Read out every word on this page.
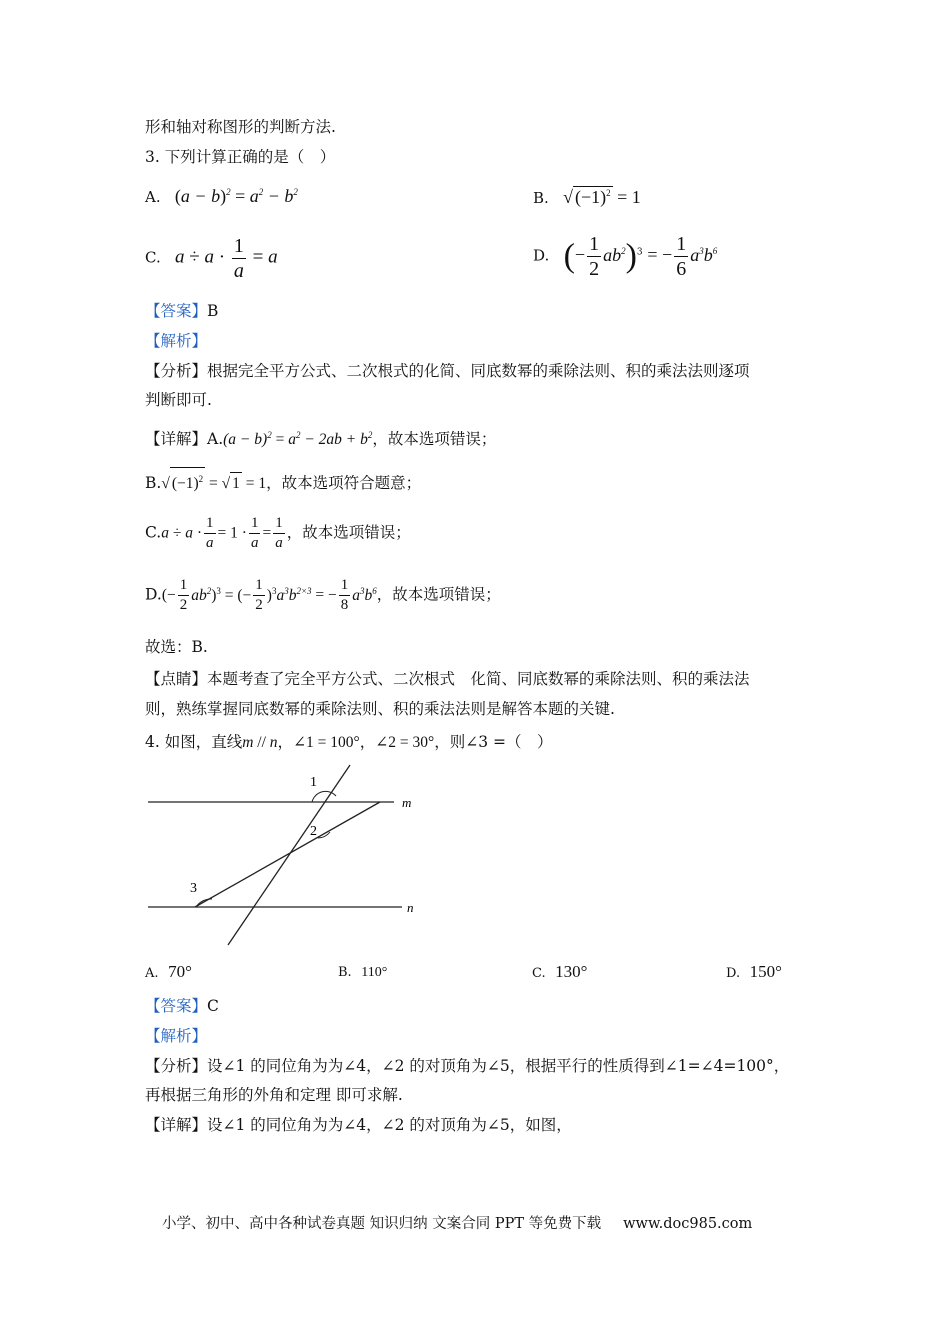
形和轴对称图形的判断方法.
3. 下列计算正确的是（　）
A. $(a - b)^2 = a^2 - b^2$	B. √ $(-1)^2 = 1$
C. $a \div a \cdot \frac{1}{a} = a$	D. (− $\frac{1}{2} ab^2)^3$ = − $\frac{1}{6} a^3b^6$
【答案】B
【解析】
【分析】根据完全平方公式、二次根式的化简、同底数幂的乘除法则、积的乘法法则逐项
判断即可.
【详解】$A.(a - b)^2 = a^2 - 2ab + b^2$，故本选项错误；
B.√ $(-1)^2$ = √ 1 = 1，故本选项符合题意；
$C.a \div a \cdot \frac{1}{a} = 1 \cdot \frac{1}{a} = \frac{1}{a}$ ，故本选项错误；
$D.(- \frac{1}{2} ab^2)^3$ = (− $\frac{1}{2} )^3a^3b^{2\times 3}$ = − $\frac{1}{8} a^3b^6$，故本选项错误；
故选：B.
【点睛】本题考查了完全平方公式、二次根式　化简、同底数幂的乘除法则、积的乘法法
则，熟练掌握同底数幂的乘除法则、积的乘法法则是解答本题的关键.
4. 如图，直线m // n，∠1 = 100°，∠2 = 30°，则∠3 =（　）
1
2
3
m
n
A. 70°	B. 110°	C. 130°	D. 150°
【答案】C
【解析】
【分析】设∠1 的同位角为为∠4，∠2 的对顶角为∠5，根据平行的性质得到∠1=∠4=100°，
再根据三角形的外角和定理 即可求解.
【详解】设∠1 的同位角为为∠4，∠2 的对顶角为∠5，如图，
小学、初中、高中各种试卷真题 知识归纳 文案合同 PPT 等免费下载 www.doc985.com
